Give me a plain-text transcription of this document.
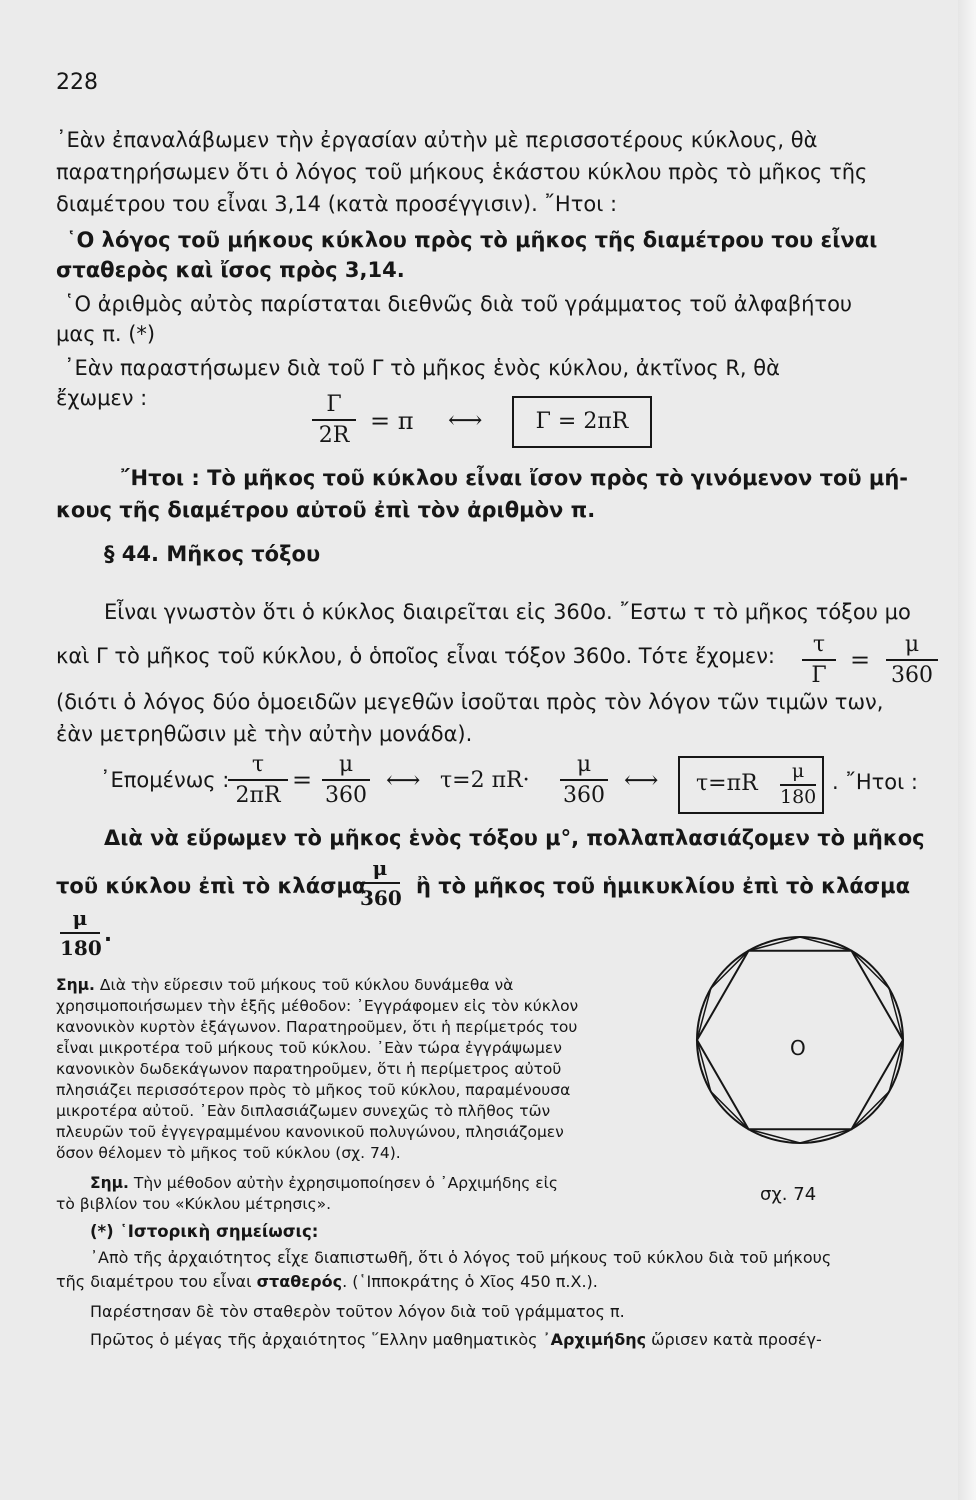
228
᾿Εὰν ἐπαναλάβωμεν τὴν ἐργασίαν αὐτὴν μὲ περισσοτέρους κύκλους, θὰ
παρατηρήσωμεν ὅτι ὁ λόγος τοῦ μήκους ἑκάστου κύκλου πρὸς τὸ μῆκος τῆς
διαμέτρου του εἶναι 3,14 (κατὰ προσέγγισιν). ῎Ητοι :
῾Ο λόγος τοῦ μήκους κύκλου πρὸς τὸ μῆκος τῆς διαμέτρου του εἶναι
σταθερὸς καὶ ἴσος πρὸς 3,14.
῾Ο ἀριθμὸς αὐτὸς παρίσταται διεθνῶς διὰ τοῦ γράμματος τοῦ ἀλφαβήτου
μας π. (*)
᾿Εὰν παραστήσωμεν διὰ τοῦ Γ τὸ μῆκος ἑνὸς κύκλου, ἀκτῖνος R, θὰ
ἔχωμεν :	Γ
2R
= π ⟷	Γ = 2πR
῎Ητοι : Τὸ μῆκος τοῦ κύκλου εἶναι ἴσον πρὸς τὸ γινόμενον τοῦ μή-
κους τῆς διαμέτρου αὐτοῦ ἐπὶ τὸν ἀριθμὸν π.
§ 44. Μῆκος τόξου
Εἶναι γνωστὸν ὅτι ὁ κύκλος διαιρεῖται εἰς 360ο. ῎Εστω τ τὸ μῆκος τόξου μο
καὶ Γ τὸ μῆκος τοῦ κύκλου, ὁ ὁποῖος εἶναι τόξον 360ο. Τότε ἔχομεν:	τ
Γ
=
μ
360
(διότι ὁ λόγος δύο ὁμοειδῶν μεγεθῶν ἰσοῦται πρὸς τὸν λόγον τῶν τιμῶν των,
ἐὰν μετρηθῶσιν μὲ τὴν αὐτὴν μονάδα).
᾿Επομένως :
τ
2πR
=
μ
360
⟷ τ=2 πR·
μ
360
⟷ τ=πR	μ
180
. ῎Ητοι :
Διὰ νὰ εὕρωμεν τὸ μῆκος ἑνὸς τόξου μ°, πολλαπλασιάζομεν τὸ μῆκος
τοῦ κύκλου ἐπὶ τὸ κλάσμα
μ
360 ἢ τὸ μῆκος τοῦ ἡμικυκλίου ἐπὶ τὸ κλάσμα
μ
180
.
Σημ. Διὰ τὴν εὕρεσιν τοῦ μήκους τοῦ κύκλου δυνάμεθα νὰ
χρησιμοποιήσωμεν τὴν ἑξῆς μέθοδον: ᾿Εγγράφομεν εἰς τὸν κύκλον
κανονικὸν κυρτὸν ἑξάγωνον. Παρατηροῦμεν, ὅτι ἡ περίμετρός του
εἶναι μικροτέρα τοῦ μήκους τοῦ κύκλου. ᾿Εὰν τώρα ἐγγράψωμεν
κανονικὸν δωδεκάγωνον παρατηροῦμεν, ὅτι ἡ περίμετρος αὐτοῦ
πλησιάζει περισσότερον πρὸς τὸ μῆκος τοῦ κύκλου, παραμένουσα
μικροτέρα αὐτοῦ. ᾿Εὰν διπλασιάζωμεν συνεχῶς τὸ πλῆθος τῶν
πλευρῶν τοῦ ἐγγεγραμμένου κανονικοῦ πολυγώνου, πλησιάζομεν
ὅσον θέλομεν τὸ μῆκος τοῦ κύκλου (σχ. 74).
Σημ. Τὴν μέθοδον αὐτὴν ἐχρησιμοποίησεν ὁ ᾿Αρχιμήδης εἰς
τὸ βιβλίον του «Κύκλου μέτρησις».
O
σχ. 74
(*) ῾Ιστορικὴ σημείωσις:
᾿Απὸ τῆς ἀρχαιότητος εἶχε διαπιστωθῆ, ὅτι ὁ λόγος τοῦ μήκους τοῦ κύκλου διὰ τοῦ μήκους
τῆς διαμέτρου του εἶναι σταθερός. (῾Ιπποκράτης ὁ Χῖος 450 π.Χ.).
Παρέστησαν δὲ τὸν σταθερὸν τοῦτον λόγον διὰ τοῦ γράμματος π.
Πρῶτος ὁ μέγας τῆς ἀρχαιότητος ῞Ελλην μαθηματικὸς ᾿Αρχιμήδης ὥρισεν κατὰ προσέγ-
